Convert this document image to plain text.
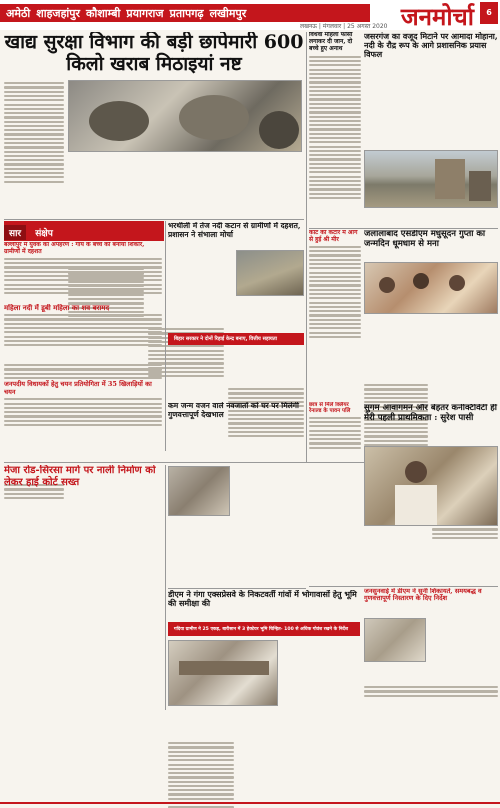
अमेठी शाहजहांपुर कौशाम्बी प्रयागराज प्रतापगढ़ लखीमपुर
लखनऊ | मंगलवार | 25 अगस्त 2020 जनमोर्चा	6
खाद्य सुरक्षा विभाग की बड़ी छापेमारी 600 किलो खराब मिठाइयां नष्ट
विधवा महिला फांसी लगाकर दी जान, दो बच्चे हुए अनाथ
जसरगंज का वजूद मिटाने पर आमादा मोहाना, नदी के रौद्र रूप के आगे प्रशासनिक प्रयास विफल
सार संक्षेप
बल्लीपुर में युवक का अपहरण : गाय के बच्चे को बनाया शिकार, ग्रामीणों में दहशत
महिला नदी में डूबी महिला का शव बरामद
जनपदीय विधायकों हेतु चयन प्रतियोगिता में 35 खिलाड़ियों का चयन
भरथीली में तेज नदी कटान से ग्रामीणों में दहशत, प्रशासन ने संभाला मोर्चा
बिहार सरकार ने दोनों रिहाई केन्द्र बनाए, वित्तीय सहायता
काट की कटार में आगे से हुई श्री मीर
जलालाबाद एसडीएम मधुसूदन गुप्ता का जन्मदिन धूमधाम से मना
कम जन्म वजन वाले नवजातों को घर पर मिलेगी गुणवत्तापूर्ण देखभाल
छात्र से मिले क्लियर रेनाल्ड के पावन पलि	सुगम आवागमन और बेहतर कनेक्टिविटी ही मेरी पहली प्राथमिकता : सुरेश पासी
मेजा रोड-सिरसा मार्ग पर नाली निर्माण को लेकर हाई कोर्ट सख्त
जनसुनवाई में डीएम ने सुनी शिकायतें, समयबद्ध व गुणवत्तापूर्ण निस्तारण के दिए निर्देश
डीएम ने गंगा एक्सप्रेसवे के निकटवर्ती गांवों में भोगावासों हेतु भूमि की समीक्षा की
गदिया ग्रामीण ने 25 एकड़, बारीसान में 3 हेक्टेयर भूमि चिन्हित- 100 से अधिक गोवंश रखने के निर्देश
